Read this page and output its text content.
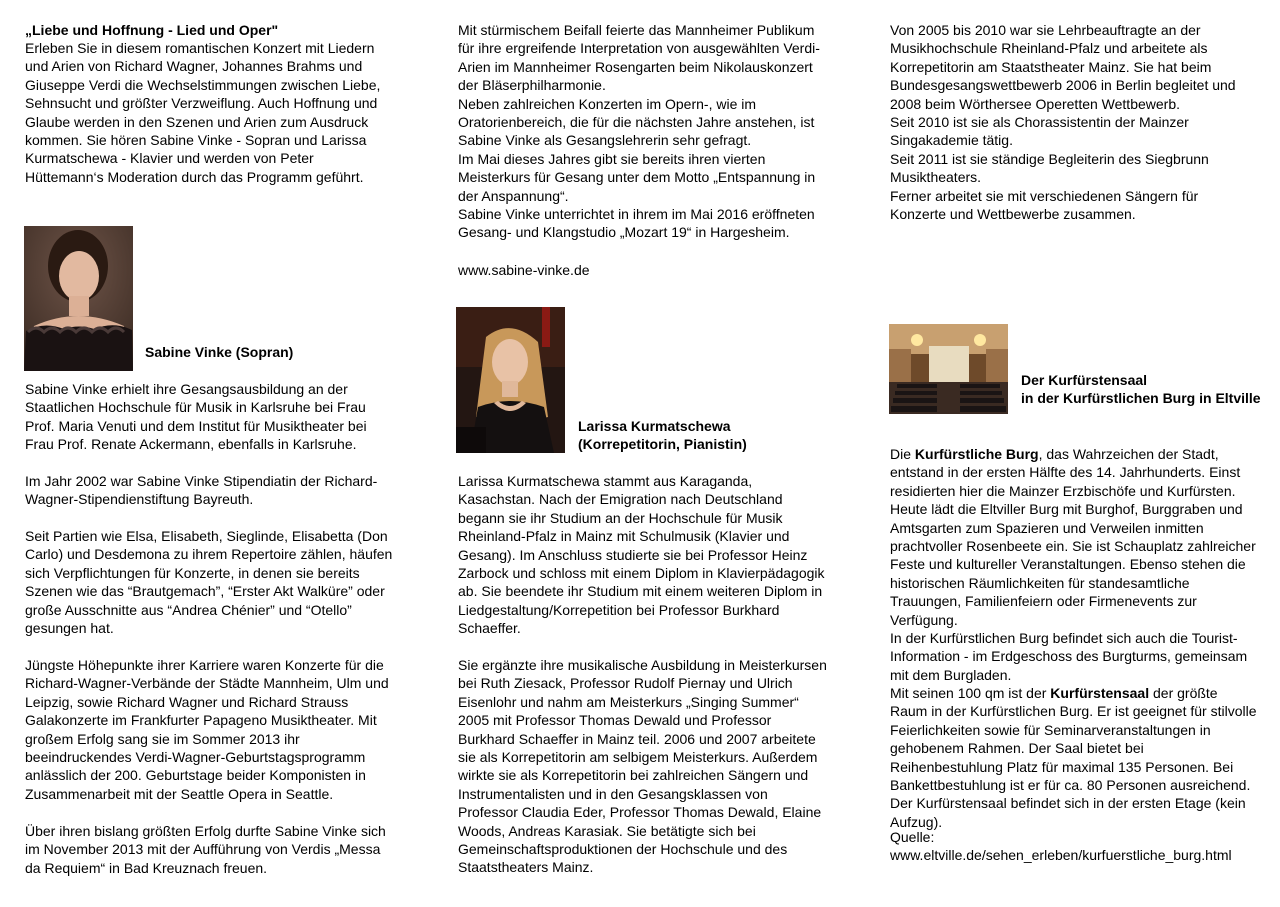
„Liebe und Hoffnung - Lied und Oper"

Erleben Sie in diesem romantischen Konzert mit Liedern und Arien von Richard Wagner, Johannes Brahms und Giuseppe Verdi die Wechselstimmungen zwischen Liebe, Sehnsucht und größter Verzweiflung. Auch Hoffnung und Glaube werden in den Szenen und Arien zum Ausdruck kommen. Sie hören Sabine Vinke - Sopran und Larissa Kurmatschewa - Klavier und werden von Peter Hüttemann‘s Moderation durch das Programm geführt.

Sabine Vinke (Sopran)

Sabine Vinke erhielt ihre Gesangsausbildung an der Staatlichen Hochschule für Musik in Karlsruhe bei Frau Prof. Maria Venuti und dem Institut für Musiktheater bei Frau Prof. Renate Ackermann, ebenfalls in Karlsruhe.

Im Jahr 2002 war Sabine Vinke Stipendiatin der Richard-Wagner-Stipendienstiftung Bayreuth.

Seit Partien wie Elsa, Elisabeth, Sieglinde, Elisabetta (Don Carlo) und Desdemona zu ihrem Repertoire zählen, häufen sich Verpflichtungen für Konzerte, in denen sie bereits Szenen wie das “Brautgemach”, “Erster Akt Walküre” oder große Ausschnitte aus “Andrea Chénier” und “Otello” gesungen hat.

Jüngste Höhepunkte ihrer Karriere waren Konzerte für die Richard-Wagner-Verbände der Städte Mannheim, Ulm und Leipzig, sowie Richard Wagner und Richard Strauss Galakonzerte im Frankfurter Papageno Musiktheater. Mit großem Erfolg sang sie im Sommer 2013 ihr beeindruckendes Verdi-Wagner-Geburtstagsprogramm anlässlich der 200. Geburtstage beider Komponisten in Zusammenarbeit mit der Seattle Opera in Seattle.

Über ihren bislang größten Erfolg durfte Sabine Vinke sich im November 2013 mit der Aufführung von Verdis „Messa da Requiem“ in Bad Kreuznach freuen.

Mit stürmischem Beifall feierte das Mannheimer Publikum für ihre ergreifende Interpretation von ausgewählten Verdi-Arien im Mannheimer Rosengarten beim Nikolauskonzert der Bläserphilharmonie.
Neben zahlreichen Konzerten im Opern-, wie im Oratorienbereich, die für die nächsten Jahre anstehen, ist Sabine Vinke als Gesangslehrerin sehr gefragt.
Im Mai dieses Jahres gibt sie bereits ihren vierten Meisterkurs für Gesang unter dem Motto „Entspannung in der Anspannung“.
Sabine Vinke unterrichtet in ihrem im Mai 2016 eröffneten Gesang- und Klangstudio „Mozart 19“ in Hargesheim.

www.sabine-vinke.de

Larissa Kurmatschewa

(Korrepetitorin, Pianistin)

Larissa Kurmatschewa stammt aus Karaganda, Kasachstan. Nach der Emigration nach Deutschland begann sie ihr Studium an der Hochschule für Musik Rheinland-Pfalz in Mainz mit Schulmusik (Klavier und Gesang). Im Anschluss studierte sie bei Professor Heinz Zarbock und schloss mit einem Diplom in Klavierpädagogik ab. Sie beendete ihr Studium mit einem weiteren Diplom in Liedgestaltung/Korrepetition bei Professor Burkhard Schaeffer.

Sie ergänzte ihre musikalische Ausbildung in Meisterkursen bei Ruth Ziesack, Professor Rudolf Piernay und Ulrich Eisenlohr und nahm am Meisterkurs „Singing Summer“ 2005 mit Professor Thomas Dewald und Professor Burkhard Schaeffer in Mainz teil. 2006 und 2007 arbeitete sie als Korrepetitorin am selbigem Meisterkurs. Außerdem wirkte sie als Korrepetitorin bei zahlreichen Sängern und Instrumentalisten und in den Gesangsklassen von Professor Claudia Eder, Professor Thomas Dewald, Elaine Woods, Andreas Karasiak. Sie betätigte sich bei Gemeinschaftsproduktionen der Hochschule und des Staatstheaters Mainz.

Von 2005 bis 2010 war sie Lehrbeauftragte an der Musikhochschule Rheinland-Pfalz und arbeitete als Korrepetitorin am Staatstheater Mainz. Sie hat beim Bundesgesangswettbewerb 2006 in Berlin begleitet und 2008 beim Wörthersee Operetten Wettbewerb.
Seit 2010 ist sie als Chorassistentin der Mainzer Singakademie tätig.
Seit 2011 ist sie ständige Begleiterin des Siegbrunn Musiktheaters.
Ferner arbeitet sie mit verschiedenen Sängern für Konzerte und Wettbewerbe zusammen.

Der Kurfürstensaal

in der Kurfürstlichen Burg in Eltville

Die Kurfürstliche Burg, das Wahrzeichen der Stadt, entstand in der ersten Hälfte des 14. Jahrhunderts. Einst residierten hier die Mainzer Erzbischöfe und Kurfürsten. Heute lädt die Eltviller Burg mit Burghof, Burggraben und Amtsgarten zum Spazieren und Verweilen inmitten prachtvoller Rosenbeete ein. Sie ist Schauplatz zahlreicher Feste und kultureller Veranstaltungen. Ebenso stehen die historischen Räumlichkeiten für standesamtliche Trauungen, Familienfeiern oder Firmenevents zur Verfügung.

In der Kurfürstlichen Burg befindet sich auch die Tourist-Information - im Erdgeschoss des Burgturms, gemeinsam mit dem Burgladen.

Mit seinen 100 qm ist der Kurfürstensaal der größte Raum in der Kurfürstlichen Burg. Er ist geeignet für stilvolle Feierlichkeiten sowie für Seminarveranstaltungen in gehobenem Rahmen. Der Saal bietet bei Reihenbestuhlung Platz für maximal 135 Personen. Bei Bankettbestuhlung ist er für ca. 80 Personen ausreichend. Der Kurfürstensaal befindet sich in der ersten Etage (kein Aufzug).

Quelle:

www.eltville.de/sehen_erleben/kurfuerstliche_burg.html
